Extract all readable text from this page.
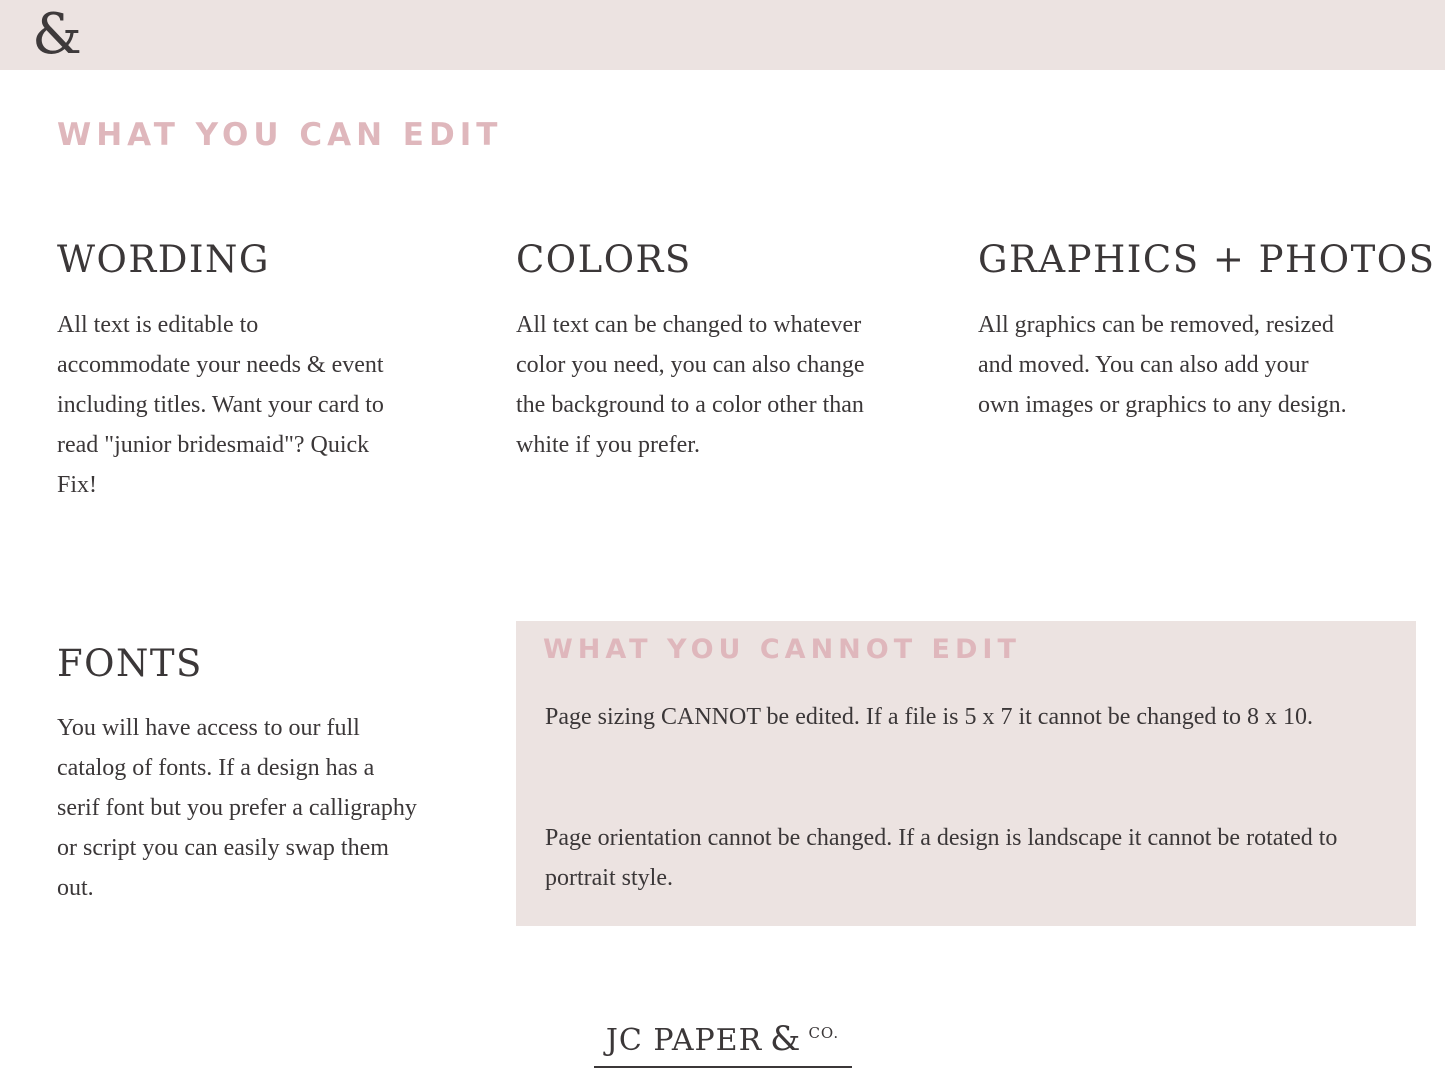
&
WHAT YOU CAN EDIT
WORDING
All text is editable to accommodate your needs & event including titles. Want your card to read "junior bridesmaid"? Quick Fix!
COLORS
All text can be changed to whatever color you need, you can also change the background to a color other than white if you prefer.
GRAPHICS + PHOTOS
All graphics can be removed, resized and moved. You can also add your own images or graphics to any design.
FONTS
You will have access to our full catalog of fonts. If a design has a serif font but you prefer a calligraphy or script you can easily swap them out.
WHAT YOU CANNOT EDIT
Page sizing CANNOT be edited. If a file is 5 x 7 it cannot be changed to 8 x 10.
Page orientation cannot be changed. If a design is landscape it cannot be rotated to portrait style.
JC PAPER & CO.
